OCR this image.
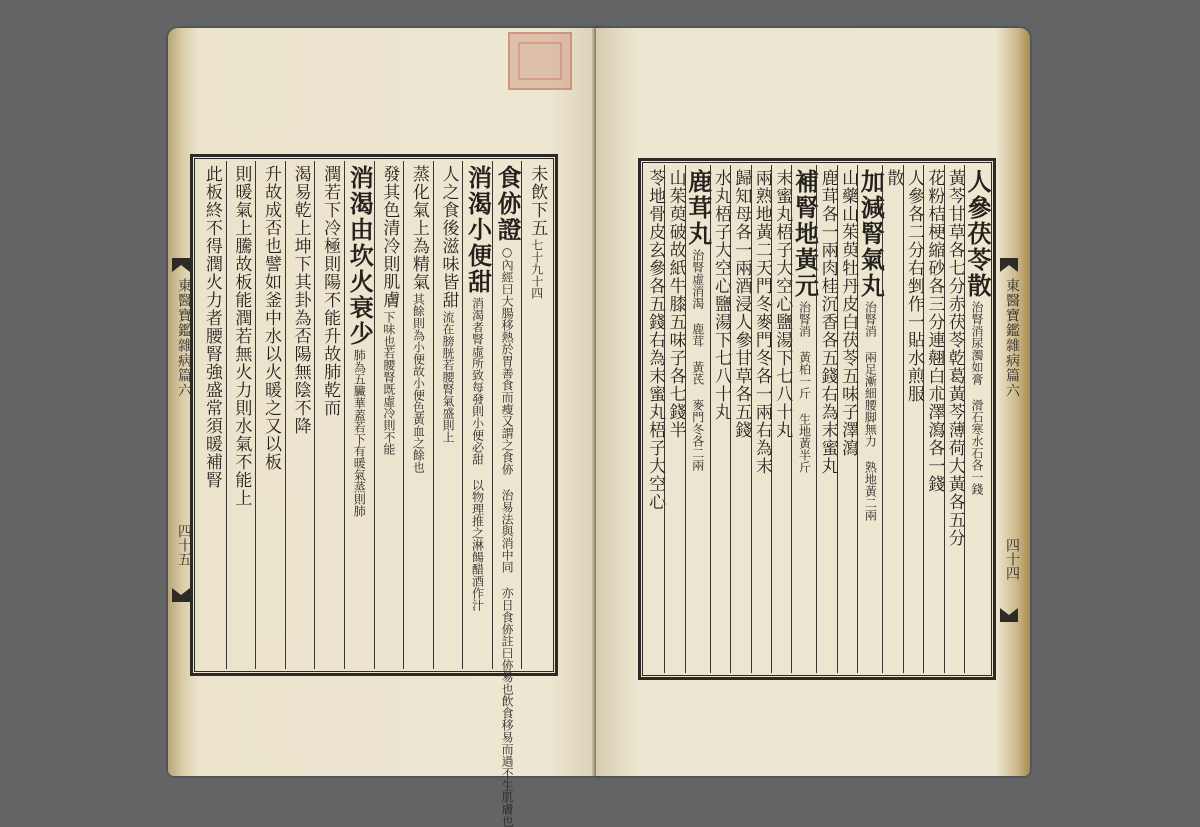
東醫寶鑑雜病篇六
四十五
未飲下五
七十九十四
食㑊證
○內經曰大腸移熱於胃善食而瘦又謂之食㑊 治易法與消中同 亦日食㑊註曰㑊易也飲食移易而過不生肌膚也
消渴小便甜
消渴者腎虛所致每發則小便必甜 以物理推之淋餳醋酒作汁
人之食後滋味皆甜
流在膀胱若腰腎氣盛則上
蒸化氣上為精氣
其餘則為小便故小便色黃血之餘也
發其色清冷則肌膚
下味也若腰腎既虛冷則不能
消渴由坎火衰少
肺為五臟華蓋若下有暖氣蒸則肺
潤若下冷極則陽不能升故肺乾而
渴易乾上坤下其卦為否陽無陰不降
升故成否也譬如釜中水以火暖之又以板
則暖氣上騰故板能潤若無火力則水氣不能上
此板終不得潤火力者腰腎強盛常須暖補腎	東醫寶鑑雜病篇六
四十四
人參茯苓散
治腎消尿濁如膏 滑石寒水石各一錢
黃芩甘草各七分赤茯苓乾葛黃芩薄荷大黃各五分
花粉桔梗縮砂各三分連翹白朮澤瀉各一錢
人參各二分右剉作一貼水煎服
散
加減腎氣丸
治腎消 兩足漸細腰脚無力 熟地黃二兩
山藥山茱萸牡丹皮白茯苓五味子澤瀉
鹿茸各一兩肉桂沉香各五錢右為末蜜丸
補腎地黃元
治腎消 黃柏一斤 生地黃半斤
末蜜丸梧子大空心鹽湯下七八十丸
兩熟地黃二天門冬麥門冬各一兩右為末
歸知母各一兩酒浸人參甘草各五錢
水丸梧子大空心鹽湯下七八十丸
鹿茸丸
治腎虛消渴 鹿茸 黃芪 麥門冬各二兩
山茱萸破故紙牛膝五味子各七錢半
苓地骨皮玄參各五錢右為末蜜丸梧子大空心
